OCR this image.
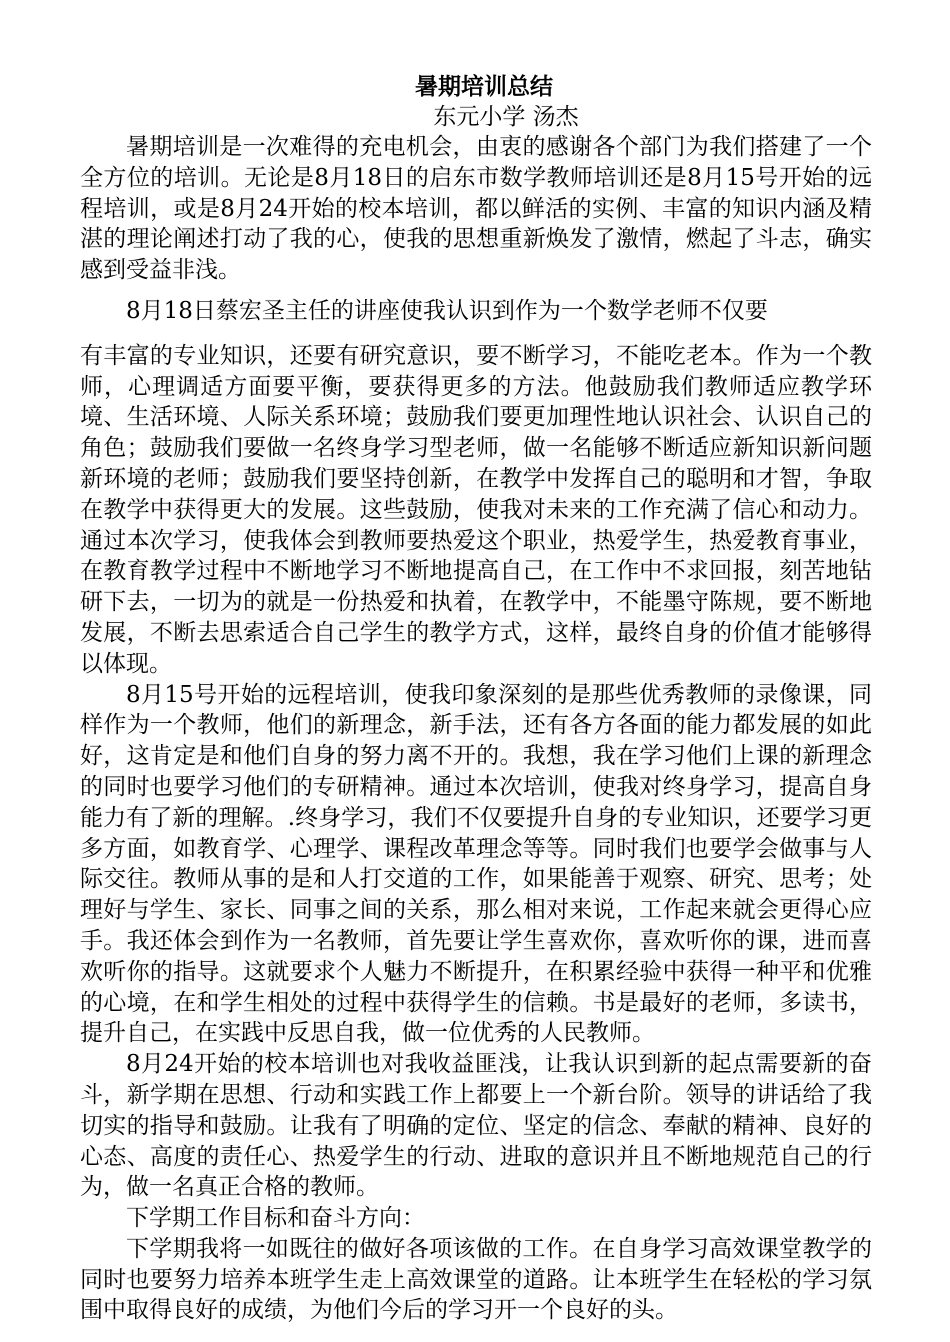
暑期培训总结

东元小学 汤杰

暑期培训是一次难得的充电机会，由衷的感谢各个部门为我们搭建了一个全方位的培训。无论是8月18日的启东市数学教师培训还是8月15号开始的远程培训，或是8月24开始的校本培训，都以鲜活的实例、丰富的知识内涵及精湛的理论阐述打动了我的心，使我的思想重新焕发了激情，燃起了斗志，确实感到受益非浅。

8月18日蔡宏圣主任的讲座使我认识到作为一个数学老师不仅要

有丰富的专业知识，还要有研究意识，要不断学习，不能吃老本。作为一个教师，心理调适方面要平衡，要获得更多的方法。他鼓励我们教师适应教学环境、生活环境、人际关系环境；鼓励我们要更加理性地认识社会、认识自己的角色；鼓励我们要做一名终身学习型老师，做一名能够不断适应新知识新问题新环境的老师；鼓励我们要坚持创新，在教学中发挥自己的聪明和才智，争取在教学中获得更大的发展。这些鼓励，使我对未来的工作充满了信心和动力。通过本次学习，使我体会到教师要热爱这个职业，热爱学生，热爱教育事业，在教育教学过程中不断地学习不断地提高自己，在工作中不求回报，刻苦地钻研下去，一切为的就是一份热爱和执着，在教学中，不能墨守陈规，要不断地发展，不断去思索适合自己学生的教学方式，这样，最终自身的价值才能够得以体现。

8月15号开始的远程培训，使我印象深刻的是那些优秀教师的录像课，同样作为一个教师，他们的新理念，新手法，还有各方各面的能力都发展的如此好，这肯定是和他们自身的努力离不开的。我想，我在学习他们上课的新理念的同时也要学习他们的专研精神。通过本次培训，使我对终身学习，提高自身能力有了新的理解。.终身学习，我们不仅要提升自身的专业知识，还要学习更多方面，如教育学、心理学、课程改革理念等等。同时我们也要学会做事与人际交往。教师从事的是和人打交道的工作，如果能善于观察、研究、思考；处理好与学生、家长、同事之间的关系，那么相对来说，工作起来就会更得心应手。我还体会到作为一名教师，首先要让学生喜欢你，喜欢听你的课，进而喜欢听你的指导。这就要求个人魅力不断提升，在积累经验中获得一种平和优雅的心境，在和学生相处的过程中获得学生的信赖。书是最好的老师，多读书，提升自己，在实践中反思自我，做一位优秀的人民教师。

8月24开始的校本培训也对我收益匪浅，让我认识到新的起点需要新的奋斗，新学期在思想、行动和实践工作上都要上一个新台阶。领导的讲话给了我切实的指导和鼓励。让我有了明确的定位、坚定的信念、奉献的精神、良好的心态、高度的责任心、热爱学生的行动、进取的意识并且不断地规范自己的行为，做一名真正合格的教师。

下学期工作目标和奋斗方向：

下学期我将一如既往的做好各项该做的工作。在自身学习高效课堂教学的同时也要努力培养本班学生走上高效课堂的道路。让本班学生在轻松的学习氛围中取得良好的成绩，为他们今后的学习开一个良好的头。
